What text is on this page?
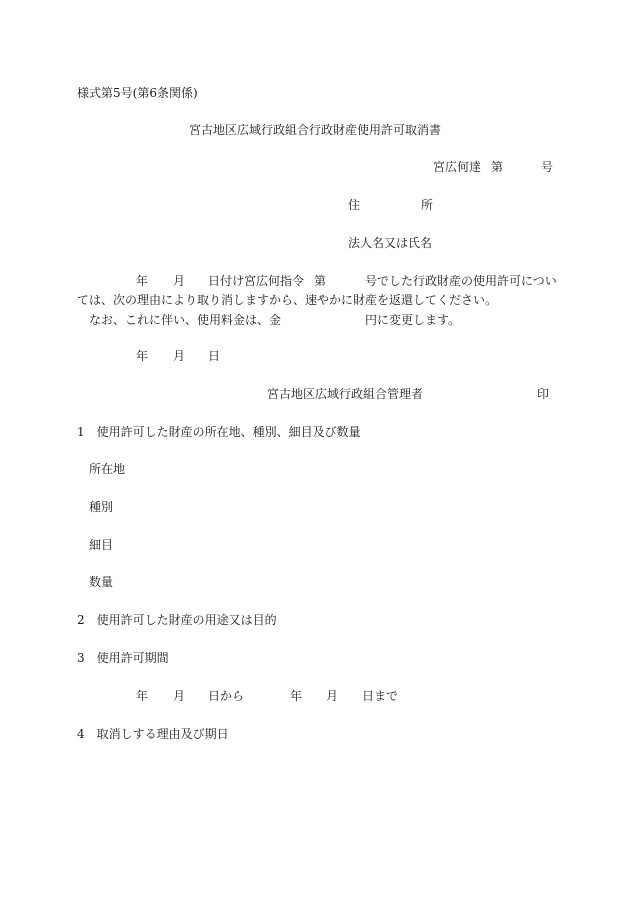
様式第5号(第6条関係)
宮古地区広域行政組合行政財産使用許可取消書
宮広何達 第	号
住	所
法人名又は氏名
年 月 日付け宮広何指令 第	号でした行政財産の使用許可につい
ては、次の理由により取り消しますから、速やかに財産を返還してください。
なお、これに伴い、使用料金は、金	円に変更します。
年 月 日
宮古地区広域行政組合管理者	印
1　使用許可した財産の所在地、種別、細目及び数量
所在地
種別
細目
数量
2　使用許可した財産の用途又は目的
3　使用許可期間
年 月 日から	年 月 日まで
4　取消しする理由及び期日
